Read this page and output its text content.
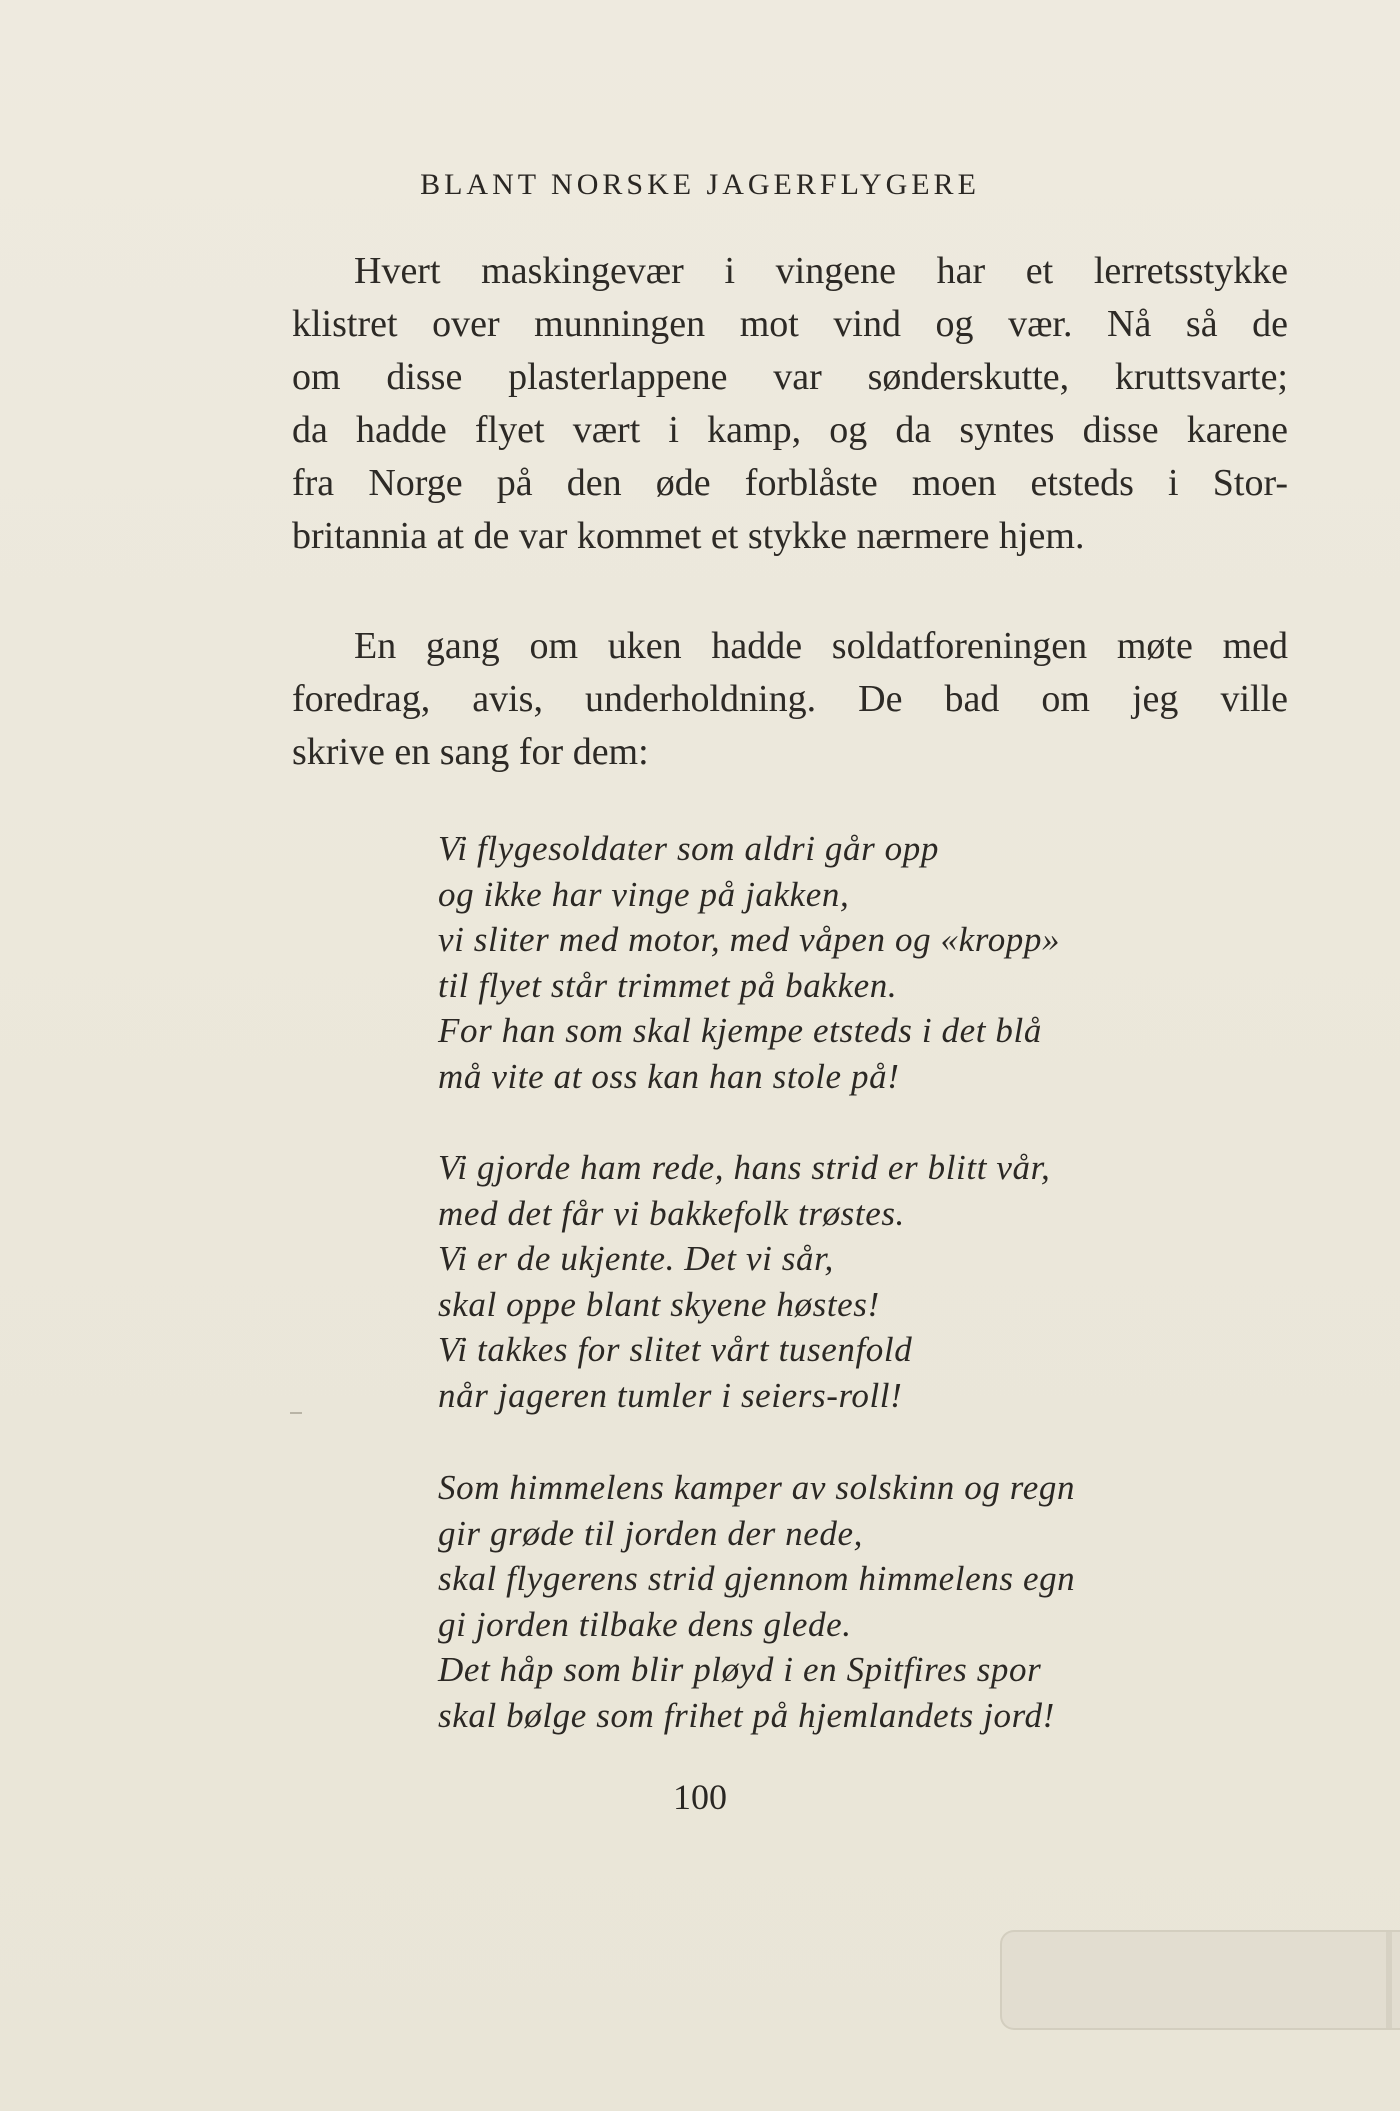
BLANT NORSKE JAGERFLYGERE
Hvert maskingevær i vingene har et lerretsstykke
klistret over munningen mot vind og vær. Nå så de
om disse plasterlappene var sønderskutte, kruttsvarte;
da hadde flyet vært i kamp, og da syntes disse karene
fra Norge på den øde forblåste moen etsteds i Stor-
britannia at de var kommet et stykke nærmere hjem.
En gang om uken hadde soldatforeningen møte med
foredrag, avis, underholdning. De bad om jeg ville
skrive en sang for dem:
Vi flygesoldater som aldri går opp
og ikke har vinge på jakken,
vi sliter med motor, med våpen og «kropp»
til flyet står trimmet på bakken.
For han som skal kjempe etsteds i det blå
må vite at oss kan han stole på!
Vi gjorde ham rede, hans strid er blitt vår,
med det får vi bakkefolk trøstes.
Vi er de ukjente. Det vi sår,
skal oppe blant skyene høstes!
Vi takkes for slitet vårt tusenfold
når jageren tumler i seiers-roll!
Som himmelens kamper av solskinn og regn
gir grøde til jorden der nede,
skal flygerens strid gjennom himmelens egn
gi jorden tilbake dens glede.
Det håp som blir pløyd i en Spitfires spor
skal bølge som frihet på hjemlandets jord!
100
